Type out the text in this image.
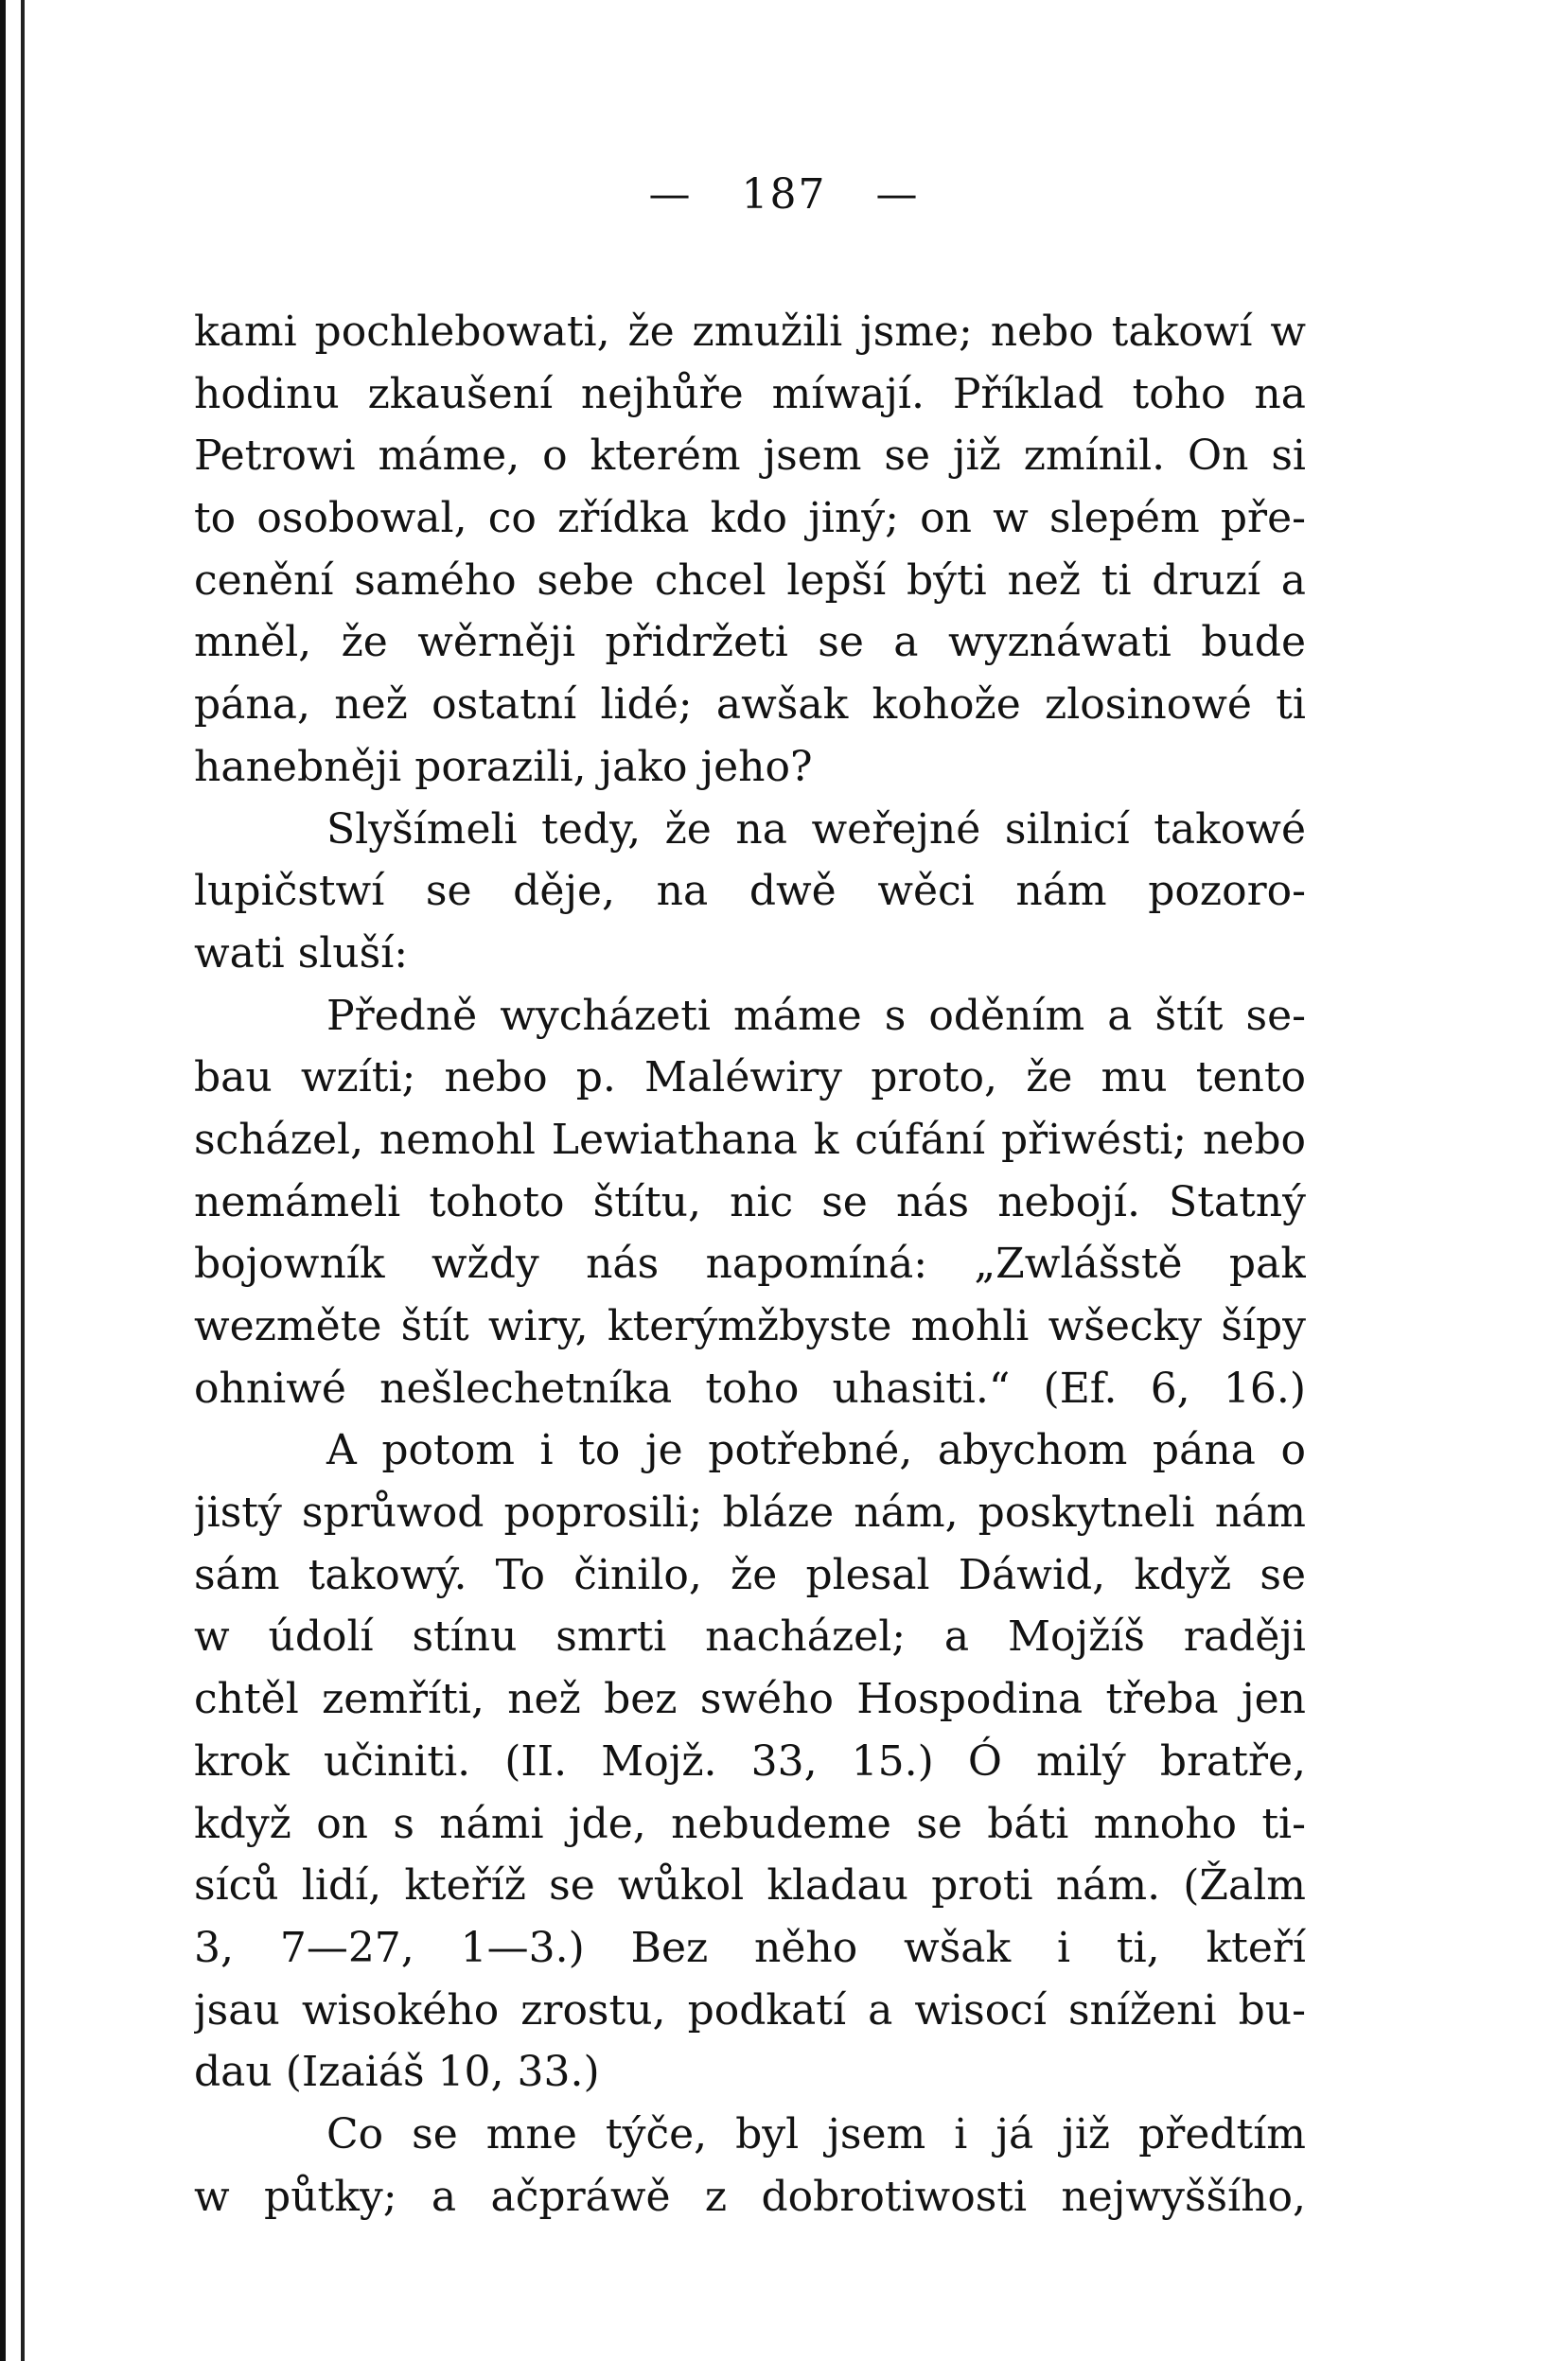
— 187 —
kami pochlebowati, že zmužili jsme; nebo takowí w
hodinu zkaušení nejhůře míwají. Příklad toho na
Petrowi máme, o kterém jsem se již zmínil. On si
to osobowal, co zřídka kdo jiný; on w slepém pře-
cenění samého sebe chcel lepší býti než ti druzí a
mněl, že wěrněji přidržeti se a wyznáwati bude
pána, než ostatní lidé; awšak kohože zlosinowé ti
hanebněji porazili, jako jeho?
Slyšímeli tedy, že na weřejné silnicí takowé
lupičstwí se děje, na dwě wěci nám pozoro-
wati sluší:
Předně wycházeti máme s oděním a štít se-
bau wzíti; nebo p. Maléwiry proto, že mu tento
scházel, nemohl Lewiathana k cúfání přiwésti; nebo
nemámeli tohoto štítu, nic se nás nebojí. Statný
bojowník wždy nás napomíná: „Zwlášstě pak
wezměte štít wiry, kterýmžbyste mohli wšecky šípy
ohniwé nešlechetníka toho uhasiti.“ (Ef. 6, 16.)
A potom i to je potřebné, abychom pána o
jistý sprůwod poprosili; bláze nám, poskytneli nám
sám takowý. To činilo, že plesal Dáwid, když se
w údolí stínu smrti nacházel; a Mojžíš raději
chtěl zemříti, než bez swého Hospodina třeba jen
krok učiniti. (II. Mojž. 33, 15.) Ó milý bratře,
když on s námi jde, nebudeme se báti mnoho ti-
síců lidí, kteříž se wůkol kladau proti nám. (Žalm
3, 7—27, 1—3.) Bez něho wšak i ti, kteří
jsau wisokého zrostu, podkatí a wisocí sníženi bu-
dau (Izaiáš 10, 33.)
Co se mne týče, byl jsem i já již předtím
w půtky; a ačpráwě z dobrotiwosti nejwyššího,
